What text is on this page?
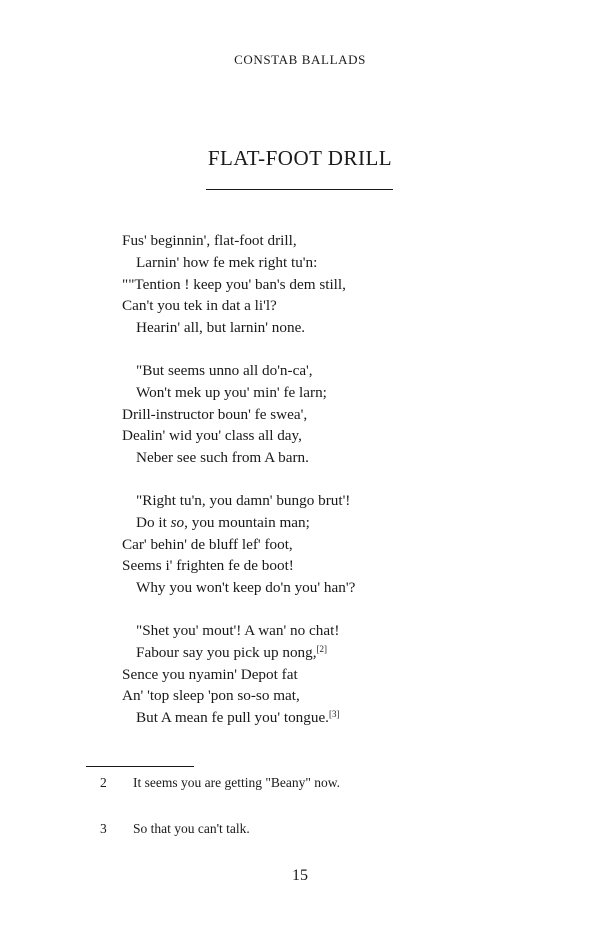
CONSTAB BALLADS
FLAT-FOOT DRILL
Fus' beginnin', flat-foot drill,
Larnin' how fe mek right tu'n:
""Tention ! keep you' ban's dem still,
Can't you tek in dat a li'l?
Hearin' all, but larnin' none.
"But seems unno all do'n-ca',
Won't mek up you' min' fe larn;
Drill-instructor boun' fe swea',
Dealin' wid you' class all day,
Neber see such from A barn.
"Right tu'n, you damn' bungo brut'!
Do it so, you mountain man;
Car' behin' de bluff lef' foot,
Seems i' frighten fe de boot!
Why you won't keep do'n you' han'?
"Shet you' mout'! A wan' no chat!
Fabour say you pick up nong,[2]
Sence you nyamin' Depot fat
An' 'top sleep 'pon so-so mat,
But A mean fe pull you' tongue.[3]
2 It seems you are getting "Beany" now.
3 So that you can't talk.
15
